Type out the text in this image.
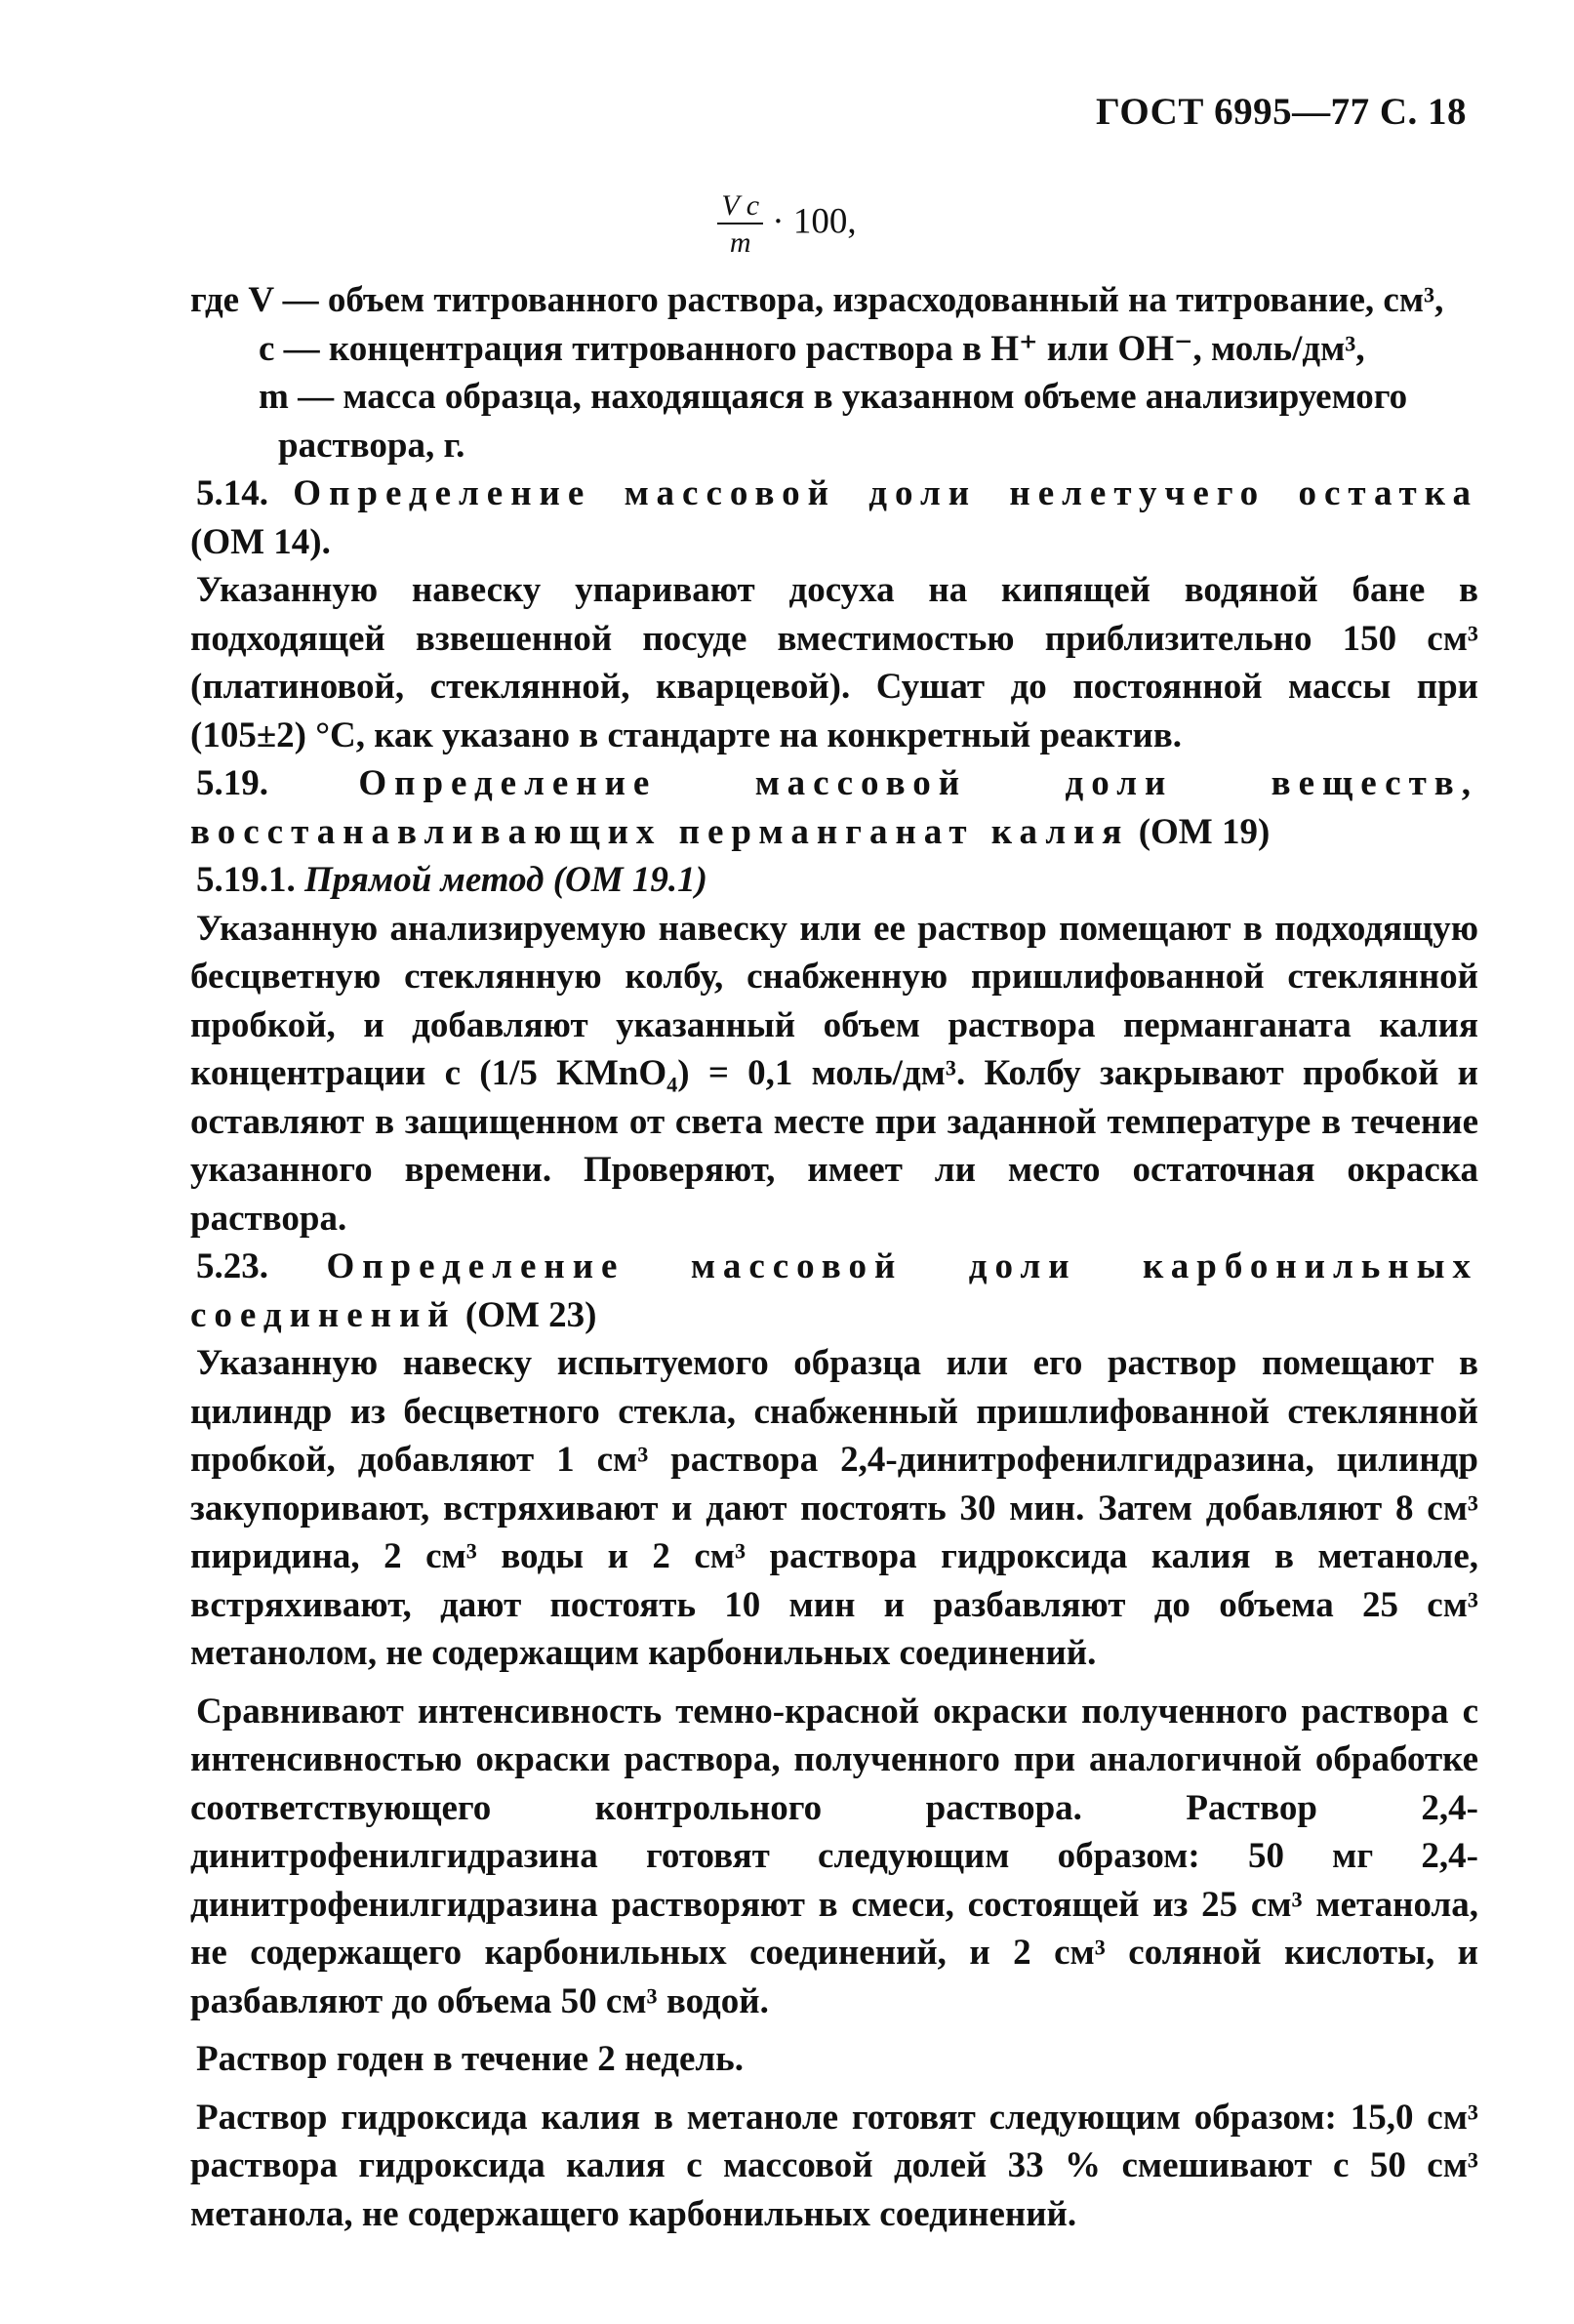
ГОСТ 6995—77 С. 18
$\frac{\text{V c}}{m} \cdot 100$,

где V — объем титрованного раствора, израсходованный на титрование, см³,

c — концентрация титрованного раствора в H⁺ или OH⁻, моль/дм³,

m — масса образца, находящаяся в указанном объеме анализируемого

раствора, г.

5.14. Определение массовой доли нелетучего остатка (ОМ 14).

Указанную навеску упаривают досуха на кипящей водяной бане в подходящей взвешенной посуде вместимостью приблизительно 150 см³ (платиновой, стеклянной, кварцевой). Сушат до постоянной массы при (105±2) °C, как указано в стандарте на конкретный реактив.

5.19. Определение массовой доли веществ, восстанавливающих перманганат калия (ОМ 19)

5.19.1. Прямой метод (ОМ 19.1)

Указанную анализируемую навеску или ее раствор помещают в подходящую бесцветную стеклянную колбу, снабженную пришлифованной стеклянной пробкой, и добавляют указанный объем раствора перманганата калия концентрации c (1/5 KMnO₄) = 0,1 моль/дм³. Колбу закрывают пробкой и оставляют в защищенном от света месте при заданной температуре в течение указанного времени. Проверяют, имеет ли место остаточная окраска раствора.

5.23. Определение массовой доли карбонильных соединений (ОМ 23)

Указанную навеску испытуемого образца или его раствор помещают в цилиндр из бесцветного стекла, снабженный пришлифованной стеклянной пробкой, добавляют 1 см³ раствора 2,4-динитрофенилгидразина, цилиндр закупоривают, встряхивают и дают постоять 30 мин. Затем добавляют 8 см³ пиридина, 2 см³ воды и 2 см³ раствора гидроксида калия в метаноле, встряхивают, дают постоять 10 мин и разбавляют до объема 25 см³ метанолом, не содержащим карбонильных соединений.

Сравнивают интенсивность темно-красной окраски полученного раствора с интенсивностью окраски раствора, полученного при аналогичной обработке соответствующего контрольного раствора. Раствор 2,4-динитрофенилгидразина готовят следующим образом: 50 мг 2,4-динитрофенилгидразина растворяют в смеси, состоящей из 25 см³ метанола, не содержащего карбонильных соединений, и 2 см³ соляной кислоты, и разбавляют до объема 50 см³ водой.

Раствор годен в течение 2 недель.

Раствор гидроксида калия в метаноле готовят следующим образом: 15,0 см³ раствора гидроксида калия с массовой долей 33 % смешивают с 50 см³ метанола, не содержащего карбонильных соединений.
